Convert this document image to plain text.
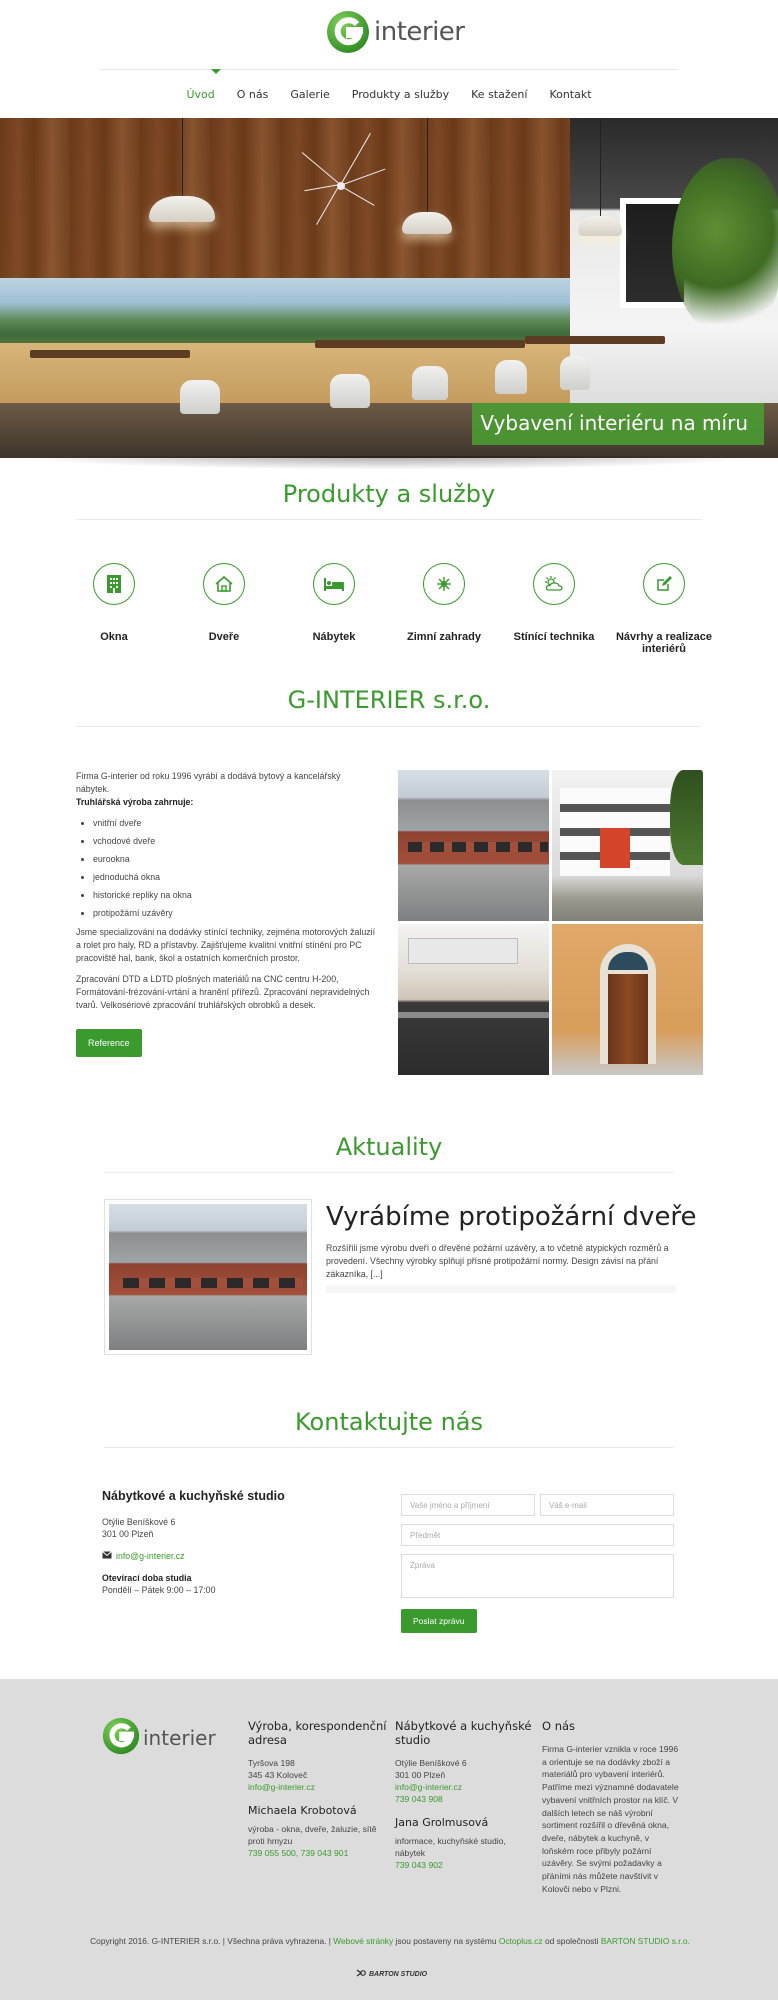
interier
Úvod	O nás	Galerie	Produkty a služby	Ke stažení	Kontakt
Vybavení interiéru na míru
Produkty a služby
Okna	Dveře	Nábytek	Zimní zahrady	Stínící technika	Návrhy a realizace interiérů
G-INTERIER s.r.o.

Firma G-interier od roku 1996 vyrábí a dodává bytový a kancelářský nábytek.

Truhlářská výroba zahrnuje:

• vnitřní dveře
• vchodové dveře
• eurookna
• jednoduchá okna
• historické repliky na okna
• protipožární uzávěry

Jsme specializováni na dodávky stínící techniky, zejména motorových žaluzií a rolet pro haly, RD a přístavby. Zajišťujeme kvalitní vnitřní stínění pro PC pracoviště hal, bank, škol a ostatních komerčních prostor.

Zpracování DTD a LDTD plošných materiálů na CNC centru H-200, Formátování-frézování-vrtání a hranění přířezů. Zpracování nepravidelných tvarů. Velkosériové zpracování truhlářských obrobků a desek.

Reference
Aktuality
Vyrábíme protipožární dveře
Rozšířili jsme výrobu dveří o dřevěné požární uzávěry, a to včetně atypických rozměrů a provedení. Všechny výrobky splňují přísné protipožární normy. Design závisí na přání zákazníka, [...]
Kontaktujte nás
Nábytkové a kuchyňské studio
Otýlie Beníškové 6
301 00 Plzeň
info@g-interier.cz
Otevírací doba studia
Pondělí – Pátek 9:00 – 17:00
Vaše jméno a příjmení	Váš e-mail
Předmět
Zpráva
Poslat zprávu
interier	Výroba, korespondenční adresa
Tyršova 198
345 43 Koloveč
info@g-interier.cz
Michaela Krobotová
výroba - okna, dveře, žaluzie, sítě proti hmyzu
739 055 500, 739 043 901
Nábytkové a kuchyňské studio
Otýlie Beníškové 6
301 00 Plzeň
info@g-interier.cz
739 043 908
Jana Grolmusová
informace, kuchyňské studio, nábytek
739 043 902
O nás
Firma G-interier vznikla v roce 1996 a orientuje se na dodávky zboží a materiálů pro vybavení interiérů. Patříme mezi významné dodavatele vybavení vnitřních prostor na klíč. V dalších letech se náš výrobní sortiment rozšířil o dřevěná okna, dveře, nábytek a kuchyně, v loňském roce přibyly požární uzávěry. Se svými požadavky a přáními nás můžete navštívit v Kolovči nebo v Plzni.
Copyright 2016. G-INTERIER s.r.o. | Všechna práva vyhrazena. | Webové stránky jsou postaveny na systému Octoplus.cz od společnosti BARTON STUDIO s.r.o.
BARTON STUDIO
